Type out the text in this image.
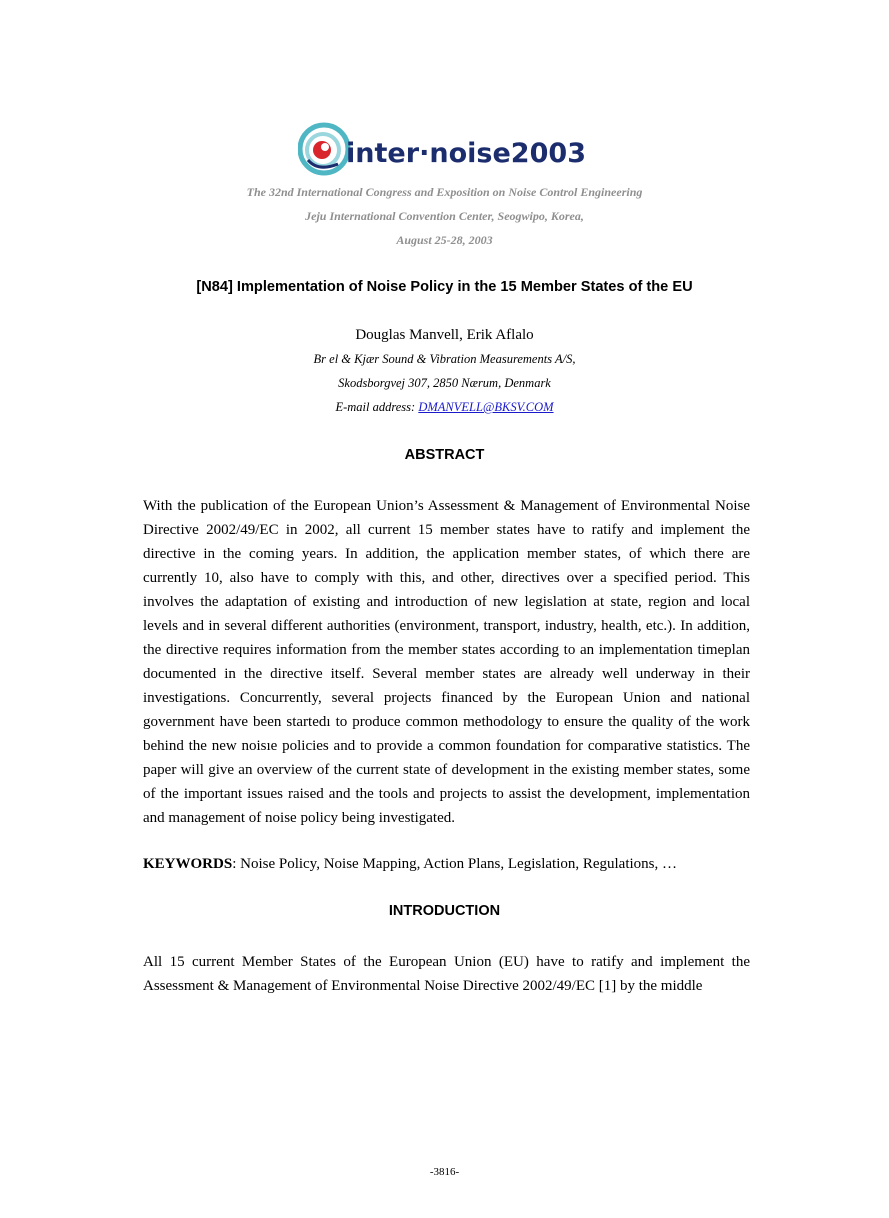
inter·noise2003
The 32nd International Congress and Exposition on Noise Control Engineering
Jeju International Convention Center, Seogwipo, Korea,
August 25-28, 2003
[N84] Implementation of Noise Policy in the 15 Member States of the EU
Douglas Manvell, Erik Aflalo
Br el & Kjær Sound & Vibration Measurements A/S,
Skodsborgvej 307, 2850 Nærum, Denmark
E-mail address: DMANVELL@BKSV.COM
ABSTRACT

With the publication of the European Union’s Assessment & Management of Environmental Noise Directive 2002/49/EC in 2002, all current 15 member states have to ratify and implement the directive in the coming years. In addition, the application member states, of which there are currently 10, also have to comply with this, and other, directives over a specified period. This involves the adaptation of existing and introduction of new legislation at state, region and local levels and in several different authorities (environment, transport, industry, health, etc.). In addition, the directive requires information from the member states according to an implementation timeplan documented in the directive itself. Several member states are already well underway in their investigations. Concurrently, several projects financed by the European Union and national government have been startedı to produce common methodology to ensure the quality of the work behind the new noisıe policies and to provide a common foundation for comparative statistics. The paper will give an overview of the current state of development in the existing member states, some of the important issues raised and the tools and projects to assist the development, implementation and management of noise policy being investigated.

KEYWORDS: Noise Policy, Noise Mapping, Action Plans, Legislation, Regulations, …
INTRODUCTION

All 15 current Member States of the European Union (EU) have to ratify and implement the Assessment & Management of Environmental Noise Directive 2002/49/EC [1] by the middle

-3816-
